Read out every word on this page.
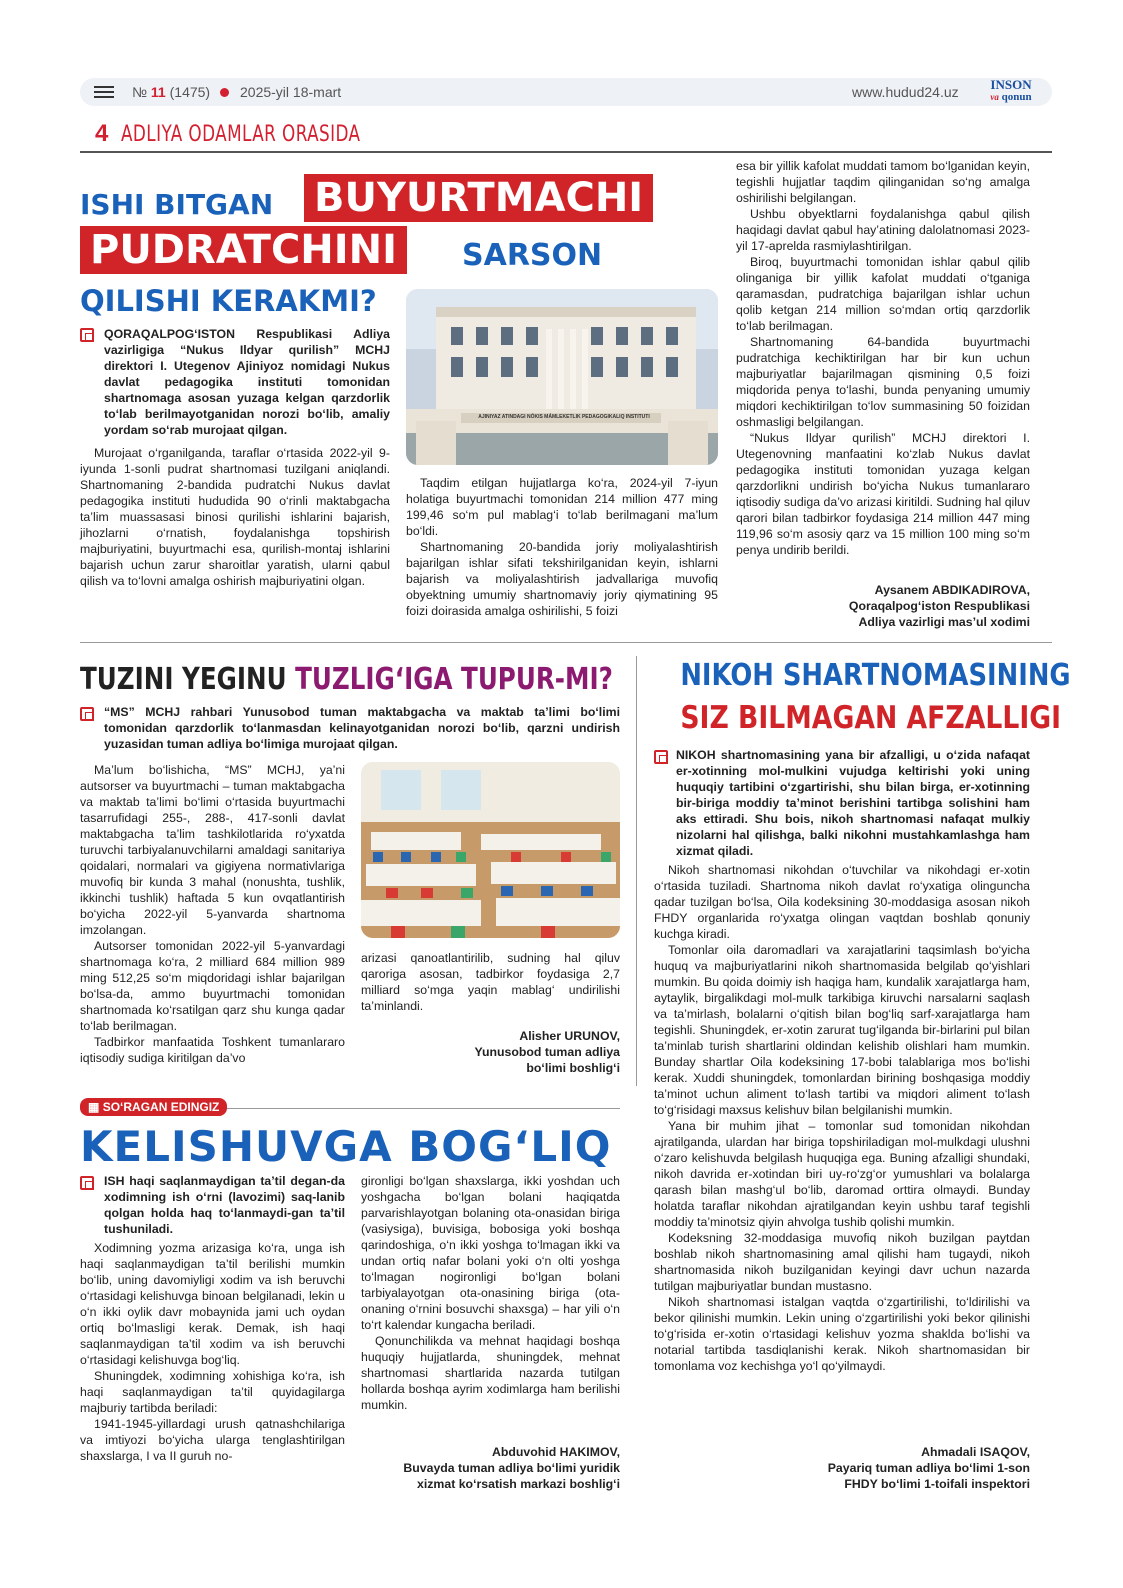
№ 11 (1475) 2025-yil 18-mart	www.hudud24.uz	INSON
va qonun
4 ADLIYA ODAMLAR ORASIDA
ISHI BITGAN BUYURTMACHI
PUDRATCHINI	SARSON
QILISHI KERAKMI?
QORAQALPOG‘ISTON Respublikasi Adliya vazirligiga “Nukus Ildyar qurilish” MCHJ direktori I. Utegenov Ajiniyoz nomidagi Nukus davlat pedagogika instituti tomonidan shartnomaga asosan yuzaga kelgan qarzdorlik to‘lab berilmayotganidan norozi bo‘lib, amaliy yordam so‘rab murojaat qilgan.

Murojaat o‘rganilganda, taraflar o‘rtasida 2022-yil 9-iyunda 1-sonli pudrat shartnomasi tuzilgani aniqlandi. Shartnomaning 2-bandida pudratchi Nukus davlat pedagogika instituti hududida 90 o‘rinli maktabgacha ta’lim muassasasi binosi qurilishi ishlarini bajarish, jihozlarni o‘rnatish, foydalanishga topshirish majburiyatini, buyurtmachi esa, qurilish-montaj ishlarini bajarish uchun zarur sharoitlar yaratish, ularni qabul qilish va to‘lovni amalga oshirish majburiyatini olgan.

AJINIYAZ ATINDAGI NÓKIS MÁMLEKETLIK PEDAGOGIKALIQ INSTITUTI

Taqdim etilgan hujjatlarga ko‘ra, 2024-yil 7-iyun holatiga buyurtmachi tomonidan 214 million 477 ming 199,46 so‘m pul mablag‘i to‘lab berilmagani ma’lum bo‘ldi.

Shartnomaning 20-bandida joriy moliyalashtirish bajarilgan ishlar sifati tekshirilganidan keyin, ishlarni bajarish va moliyalashtirish jadvallariga muvofiq obyektning umumiy shartnomaviy joriy qiymatining 95 foizi doirasida amalga oshirilishi, 5 foizi

esa bir yillik kafolat muddati tamom bo‘lganidan keyin, tegishli hujjatlar taqdim qilinganidan so‘ng amalga oshirilishi belgilangan.

Ushbu obyektlarni foydalanishga qabul qilish haqidagi davlat qabul hay’atining dalolatnomasi 2023-yil 17-aprelda rasmiylashtirilgan.

Biroq, buyurtmachi tomonidan ishlar qabul qilib olinganiga bir yillik kafolat muddati o‘tganiga qaramasdan, pudratchiga bajarilgan ishlar uchun qolib ketgan 214 million so‘mdan ortiq qarzdorlik to‘lab berilmagan.

Shartnomaning 64-bandida buyurtmachi pudratchiga kechiktirilgan har bir kun uchun majburiyatlar bajarilmagan qismining 0,5 foizi miqdorida penya to‘lashi, bunda penyaning umumiy miqdori kechiktirilgan to‘lov summasining 50 foizidan oshmasligi belgilangan.

“Nukus Ildyar qurilish” MCHJ direktori I. Utegenovning manfaatini ko‘zlab Nukus davlat pedagogika instituti tomonidan yuzaga kelgan qarzdorlikni undirish bo‘yicha Nukus tumanlararo iqtisodiy sudiga da’vo arizasi kiritildi. Sudning hal qiluv qarori bilan tadbirkor foydasiga 214 million 447 ming 119,96 so‘m asosiy qarz va 15 million 100 ming so‘m penya undirib berildi.

Aysanem ABDIKADIROVA,
Qoraqalpog‘iston Respublikasi
Adliya vazirligi mas’ul xodimi
TUZINI YEGINU TUZLIG‘IGA TUPUR-MI?
“MS” MCHJ rahbari Yunusobod tuman maktabgacha va maktab ta’limi bo‘limi tomonidan qarzdorlik to‘lanmasdan kelinayotganidan norozi bo‘lib, qarzni undirish yuzasidan tuman adliya bo‘limiga murojaat qilgan.

Ma’lum bo‘lishicha, “MS” MCHJ, ya’ni autsorser va buyurtmachi – tuman maktabgacha va maktab ta’limi bo‘limi o‘rtasida buyurtmachi tasarrufidagi 255-, 288-, 417-sonli davlat maktabgacha ta’lim tashkilotlarida ro‘yxatda turuvchi tarbiyalanuvchilarni amaldagi sanitariya qoidalari, normalari va gigiyena normativlariga muvofiq bir kunda 3 mahal (nonushta, tushlik, ikkinchi tushlik) haftada 5 kun ovqatlantirish bo‘yicha 2022-yil 5-yanvarda shartnoma imzolangan.

Autsorser tomonidan 2022-yil 5-yanvardagi shartnomaga ko‘ra, 2 milliard 684 million 989 ming 512,25 so‘m miqdoridagi ishlar bajarilgan bo‘lsa-da, ammo buyurtmachi tomonidan shartnomada ko‘rsatilgan qarz shu kunga qadar to‘lab berilmagan.

Tadbirkor manfaatida Toshkent tumanlararo iqtisodiy sudiga kiritilgan da’vo

arizasi qanoatlantirilib, sudning hal qiluv qaroriga asosan, tadbirkor foydasiga 2,7 milliard so‘mga yaqin mablag‘ undirilishi ta’minlandi.

Alisher URUNOV,
Yunusobod tuman adliya
bo‘limi boshlig‘i
▦ SO‘RAGAN EDINGIZ
KELISHUVGA BOG‘LIQ
ISH haqi saqlanmaydigan ta’til degan-da xodimning ish o‘rni (lavozimi) saq-lanib qolgan holda haq to‘lanmaydi-gan ta’til tushuniladi.

Xodimning yozma arizasiga ko‘ra, unga ish haqi saqlanmaydigan ta’til berilishi mumkin bo‘lib, uning davomiyligi xodim va ish beruvchi o‘rtasidagi kelishuvga binoan belgilanadi, lekin u o‘n ikki oylik davr mobaynida jami uch oydan ortiq bo‘lmasligi kerak. Demak, ish haqi saqlanmaydigan ta’til xodim va ish beruvchi o‘rtasidagi kelishuvga bog‘liq.

Shuningdek, xodimning xohishiga ko‘ra, ish haqi saqlanmaydigan ta’til quyidagilarga majburiy tartibda beriladi:

1941-1945-yillardagi urush qatnashchilariga va imtiyozi bo‘yicha ularga tenglashtirilgan shaxslarga, I va II guruh no-

gironligi bo‘lgan shaxslarga, ikki yoshdan uch yoshgacha bo‘lgan bolani haqiqatda parvarishlayotgan bolaning ota-onasidan biriga (vasiysiga), buvisiga, bobosiga yoki boshqa qarindoshiga, o‘n ikki yoshga to‘lmagan ikki va undan ortiq nafar bolani yoki o‘n olti yoshga to‘lmagan nogironligi bo‘lgan bolani tarbiyalayotgan ota-onasining biriga (ota-onaning o‘rnini bosuvchi shaxsga) – har yili o‘n to‘rt kalendar kungacha beriladi.

Qonunchilikda va mehnat haqidagi boshqa huquqiy hujjatlarda, shuningdek, mehnat shartnomasi shartlarida nazarda tutilgan hollarda boshqa ayrim xodimlarga ham berilishi mumkin.

Abduvohid HAKIMOV,
Buvayda tuman adliya bo‘limi yuridik
xizmat ko‘rsatish markazi boshlig‘i
NIKOH SHARTNOMASINING
SIZ BILMAGAN AFZALLIGI
NIKOH shartnomasining yana bir afzalligi, u o‘zida nafaqat er-xotinning mol-mulkini vujudga keltirishi yoki uning huquqiy tartibini o‘zgartirishi, shu bilan birga, er-xotinning bir-biriga moddiy ta’minot berishini tartibga solishini ham aks ettiradi. Shu bois, nikoh shartnomasi nafaqat mulkiy nizolarni hal qilishga, balki nikohni mustahkamlashga ham xizmat qiladi.

Nikoh shartnomasi nikohdan o‘tuvchilar va nikohdagi er-xotin o‘rtasida tuziladi. Shartnoma nikoh davlat ro‘yxatiga olinguncha qadar tuzilgan bo‘lsa, Oila kodeksining 30-moddasiga asosan nikoh FHDY organlarida ro‘yxatga olingan vaqtdan boshlab qonuniy kuchga kiradi.

Tomonlar oila daromadlari va xarajatlarini taqsimlash bo‘yicha huquq va majburiyatlarini nikoh shartnomasida belgilab qo‘yishlari mumkin. Bu qoida doimiy ish haqiga ham, kundalik xarajatlarga ham, aytaylik, birgalikdagi mol-mulk tarkibiga kiruvchi narsalarni saqlash va ta’mirlash, bolalarni o‘qitish bilan bog‘liq sarf-xarajatlarga ham tegishli. Shuningdek, er-xotin zarurat tug‘ilganda bir-birlarini pul bilan ta’minlab turish shartlarini oldindan kelishib olishlari ham mumkin. Bunday shartlar Oila kodeksining 17-bobi talablariga mos bo‘lishi kerak. Xuddi shuningdek, tomonlardan birining boshqasiga moddiy ta’minot uchun aliment to‘lash tartibi va miqdori aliment to‘lash to‘g‘risidagi maxsus kelishuv bilan belgilanishi mumkin.

Yana bir muhim jihat – tomonlar sud tomonidan nikohdan ajratilganda, ulardan har biriga topshiriladigan mol-mulkdagi ulushni o‘zaro kelishuvda belgilash huquqiga ega. Buning afzalligi shundaki, nikoh davrida er-xotindan biri uy-ro‘zg‘or yumushlari va bolalarga qarash bilan mashg‘ul bo‘lib, daromad orttira olmaydi. Bunday holatda taraflar nikohdan ajratilgandan keyin ushbu taraf tegishli moddiy ta’minotsiz qiyin ahvolga tushib qolishi mumkin.

Kodeksning 32-moddasiga muvofiq nikoh buzilgan paytdan boshlab nikoh shartnomasining amal qilishi ham tugaydi, nikoh shartnomasida nikoh buzilganidan keyingi davr uchun nazarda tutilgan majburiyatlar bundan mustasno.

Nikoh shartnomasi istalgan vaqtda o‘zgartirilishi, to‘ldirilishi va bekor qilinishi mumkin. Lekin uning o‘zgartirilishi yoki bekor qilinishi to‘g‘risida er-xotin o‘rtasidagi kelishuv yozma shaklda bo‘lishi va notarial tartibda tasdiqlanishi kerak. Nikoh shartnomasidan bir tomonlama voz kechishga yo‘l qo‘yilmaydi.

Ahmadali ISAQOV,
Payariq tuman adliya bo‘limi 1-son
FHDY bo‘limi 1-toifali inspektori
